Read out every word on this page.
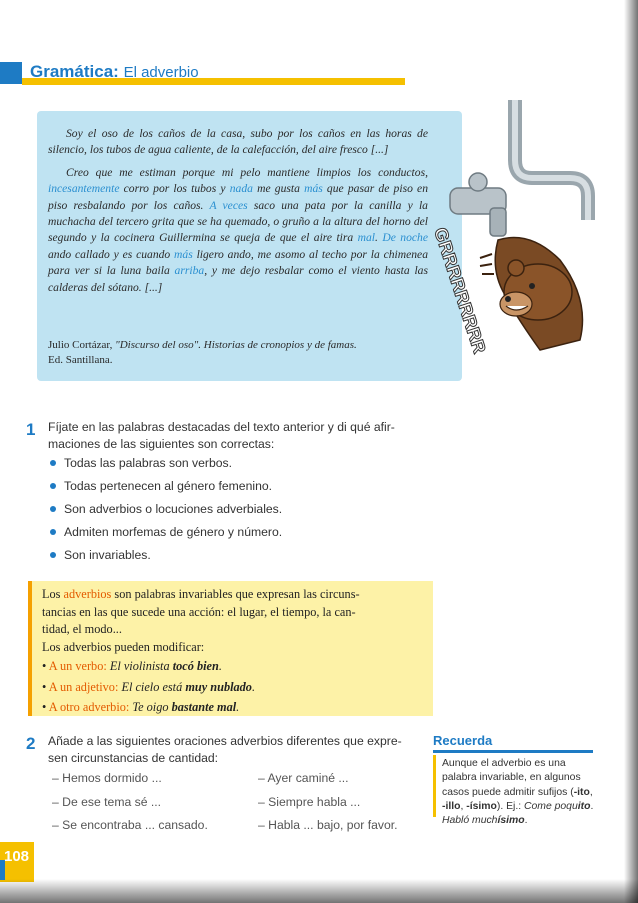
Gramática: El adverbio

Soy el oso de los caños de la casa, subo por los caños en las horas de silencio, los tubos de agua caliente, de la calefacción, del aire fresco [...]

Creo que me estiman porque mi pelo mantiene limpios los conductos, incesantemente corro por los tubos y nada me gusta más que pasar de piso en piso resbalando por los caños. A veces saco una pata por la canilla y la muchacha del tercero grita que se ha quemado, o gruño a la altura del horno del segundo y la cocinera Guillermina se queja de que el aire tira mal. De noche ando callado y es cuando más ligero ando, me asomo al techo por la chimenea para ver si la luna baila arriba, y me dejo resbalar como el viento hasta las calderas del sótano. [...]

Julio Cortázar, "Discurso del oso". Historias de cronopios y de famas.
Ed. Santillana.
GRRRRRRRRR
1 Fíjate en las palabras destacadas del texto anterior y di qué afir-
maciones de las siguientes son correctas:
Todas las palabras son verbos.
Todas pertenecen al género femenino.
Son adverbios o locuciones adverbiales.
Admiten morfemas de género y número.
Son invariables.

Los adverbios son palabras invariables que expresan las circuns-

tancias en las que sucede una acción: el lugar, el tiempo, la can-

tidad, el modo...

Los adverbios pueden modificar:

• A un verbo: El violinista tocó bien.
• A un adjetivo: El cielo está muy nublado.
• A otro adverbio: Te oigo bastante mal.
2 Añade a las siguientes oraciones adverbios diferentes que expre-
sen circunstancias de cantidad:
– Hemos dormido ...
– De ese tema sé ...
– Se encontraba ... cansado.
– Ayer caminé ...
– Siempre habla ...
– Habla ... bajo, por favor.
Recuerda
Aunque el adverbio es una palabra invariable, en algunos casos puede admitir sufijos (-ito, -illo, -ísimo). Ej.: Come poquito. Habló muchísimo.
108
